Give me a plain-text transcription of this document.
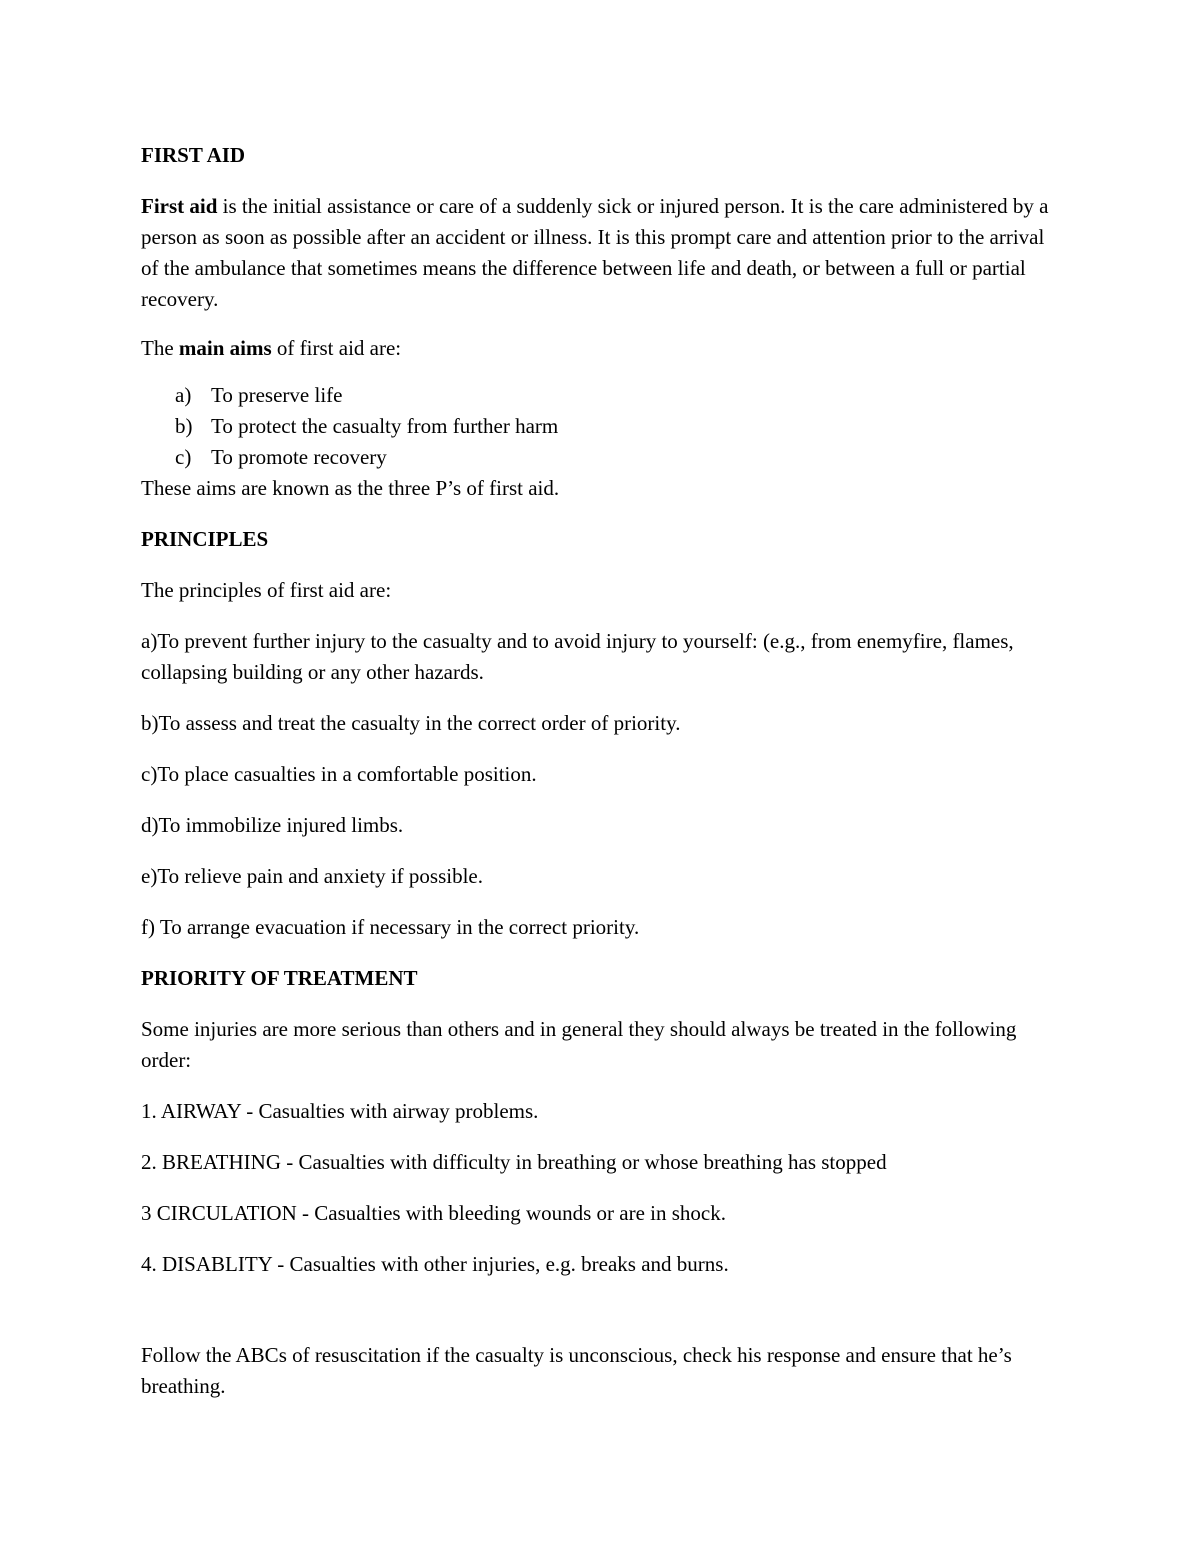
FIRST AID

First aid is the initial assistance or care of a suddenly sick or injured person. It is the care administered by a person as soon as possible after an accident or illness. It is this prompt care and attention prior to the arrival of the ambulance that sometimes means the difference between life and death, or between a full or partial recovery.

The main aims of first aid are:

a) To preserve life
b) To protect the casualty from further harm
c) To promote recovery

These aims are known as the three P’s of first aid.

PRINCIPLES

The principles of first aid are:

a)To prevent further injury to the casualty and to avoid injury to yourself: (e.g., from enemyfire, flames, collapsing building or any other hazards.

b)To assess and treat the casualty in the correct order of priority.

c)To place casualties in a comfortable position.

d)To immobilize injured limbs.

e)To relieve pain and anxiety if possible.

f) To arrange evacuation if necessary in the correct priority.

PRIORITY OF TREATMENT

Some injuries are more serious than others and in general they should always be treated in the following order:

1. AIRWAY - Casualties with airway problems.

2. BREATHING - Casualties with difficulty in breathing or whose breathing has stopped

3 CIRCULATION - Casualties with bleeding wounds or are in shock.

4. DISABLITY - Casualties with other injuries, e.g. breaks and burns.

Follow the ABCs of resuscitation if the casualty is unconscious, check his response and ensure that he’s breathing.
